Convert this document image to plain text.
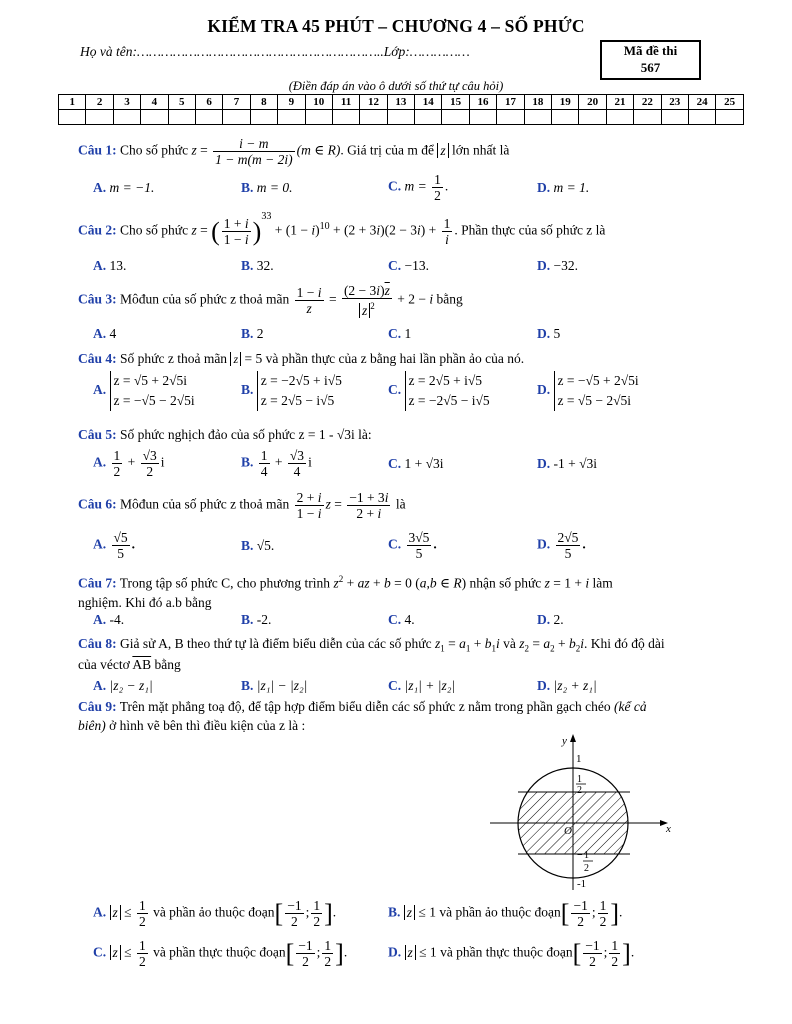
KIỂM TRA 45 PHÚT – CHƯƠNG 4 – SỐ PHỨC
Họ và tên:……………………………………………………..Lớp:……………	Mã đề thi
567
(Điền đáp án vào ô dưới số thứ tự câu hỏi)
1	2	3	4	5	6	7	8	9	10	11	12	13	14	15	16	17	18	19	20	21	22	23	24	25

Câu 1: Cho số phức $z = \frac{i - m}{1 - m(m - 2i)} (m$ ∈ R). Giá trị của m để z lớn nhất là
A. m = −1.	B. m = 0.	C. $m = \frac{1}{2}$ .	D. m = 1.
Câu 2: Cho số phức z = ( $\frac{1 + i}{1 - i} )^{33} + (1 - i)^{10} + (2 + 3i)(2 - 3i) + \frac{1}{i}$ . Phần thực của số phức z là
A. 13.	B. 32.	C. −13.	D. −32.
Câu 3: Môđun của số phức z thoả mãn $\frac{1 - i}{z} = \frac{(2 - 3i)\overline{z}}{z ^2} + 2 - i$ bằng
A. 4	B. 2	C. 1	D. 5
Câu 4: Số phức z thoả mãn z = 5 và phần thực của z bằng hai lần phần ảo của nó.
A.
z = √5 + 2√5i
z = −√5 − 2√5i
B.
z = −2√5 + i√5
z = 2√5 − i√5
C.
z = 2√5 + i√5
z = −2√5 − i√5
D.
z = −√5 + 2√5i
z = √5 − 2√5i
Câu 5: Số phức nghịch đảo của số phức z = 1 - √3i là:
A. $\frac{1}{2} + \frac{√3}{2}$ i	B. $\frac{1}{4} + \frac{√3}{4}$ i	C. 1 + √3i	D. -1 + √3i
Câu 6: Môđun của số phức z thoả mãn $\frac{2 + i}{1 - i}$ $z = \frac{-1 + 3i}{2 + i}$ là
A. $\frac{√5}{5}$ .	B. √5.	C. $\frac{3√5}{5}$ .	D. $\frac{2√5}{5}$ .
Câu 7: Trong tập số phức C, cho phương trình $z^2$ + az + b = 0 (a,b ∈ R) nhận số phức z = 1 + i làm
nghiệm. Khi đó a.b bằng
A. -4.	B. -2.	C. 4.	D. 2.
Câu 8: Giả sử A, B theo thứ tự là điểm biểu diễn của các số phức $z_1 = a_1 + b_1i$ và $z_2 = a_2 + b_2i$. Khi đó độ dài
của véctơ $\overline{AB}$ bằng
A. |z₂ − z₁|	B. |z₁| − |z₂|	C. |z₁| + |z₂|	D. |z₂ + z₁|
Câu 9: Trên mặt phẳng toạ độ, để tập hợp điểm biểu diễn các số phức z nằm trong phần gạch chéo (kể cả
biên) ở hình vẽ bên thì điều kiện của z là :
y
x
O
1
1
2
− 1
2
-1
A. $z \le \frac{1}{2}$ và phần ảo thuộc đoạn[ $\frac{-1}{2}$ ; $\frac{1}{2}$ ].	B. z ≤ 1 và phần ảo thuộc đoạn[ $\frac{-1}{2}$ ; $\frac{1}{2}$ ].
C. $z \le \frac{1}{2}$ và phần thực thuộc đoạn[ $\frac{-1}{2}$ ; $\frac{1}{2}$ ].	D. z ≤ 1 và phần thực thuộc đoạn[ $\frac{-1}{2}$ ; $\frac{1}{2}$ ].
